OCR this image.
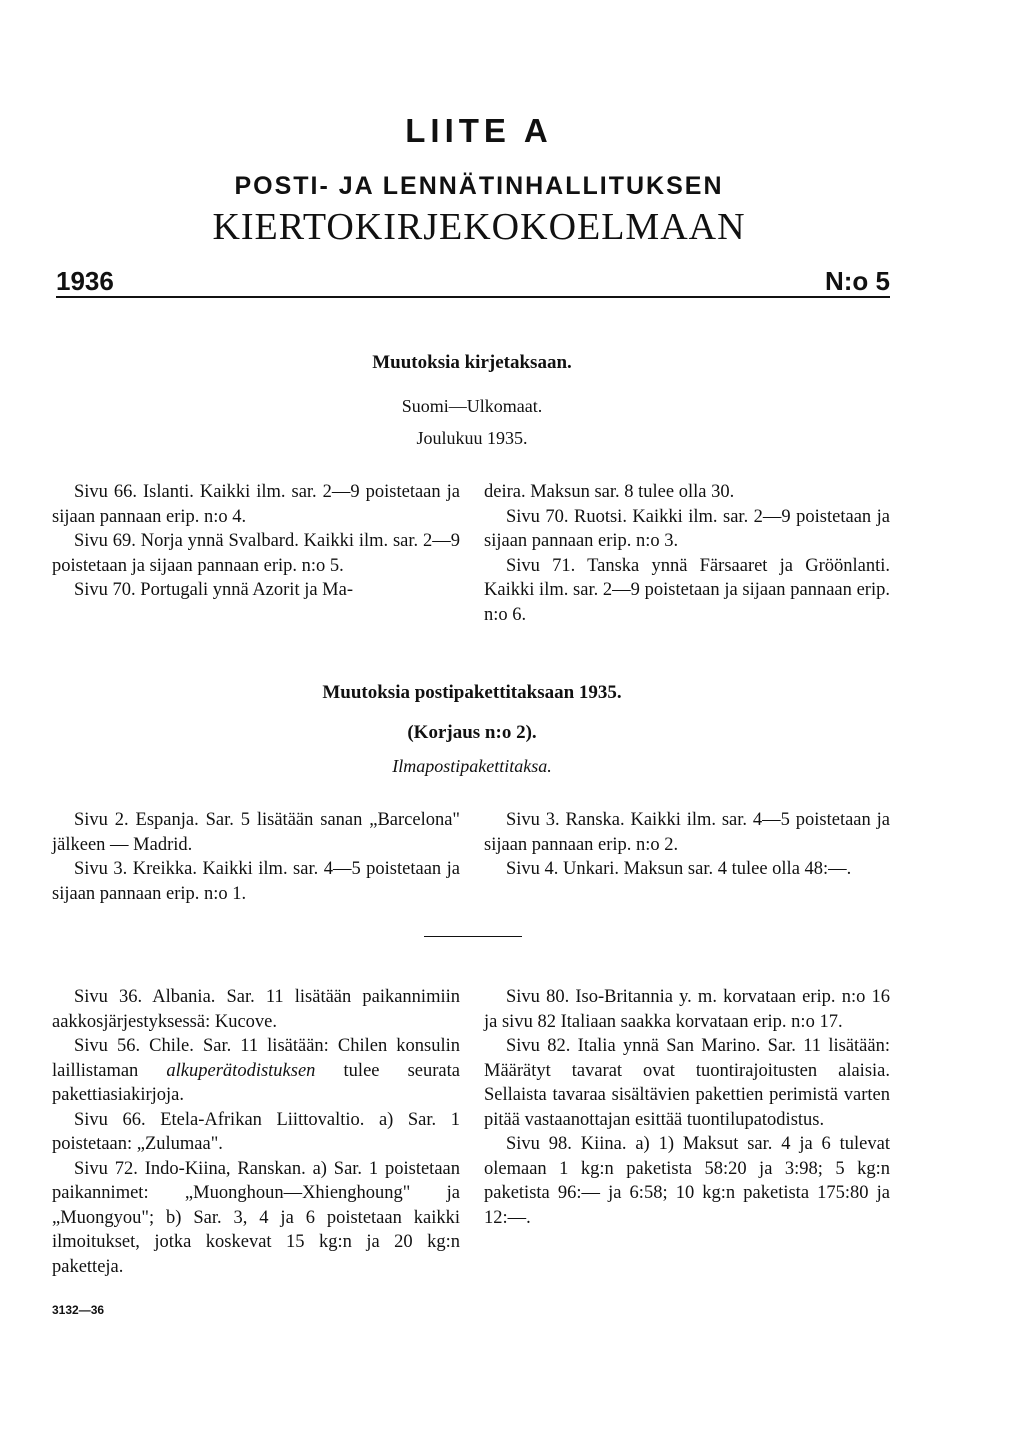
LIITE A
POSTI- JA LENNÄTINHALLITUKSEN
KIERTOKIRJEKOKOELMAAN
1936	N:o 5
Muutoksia kirjetaksaan.
Suomi—Ulkomaat.
Joulukuu 1935.

Sivu 66. Islanti. Kaikki ilm. sar. 2—9 poistetaan ja sijaan pannaan erip. n:o 4.

Sivu 69. Norja ynnä Svalbard. Kaikki ilm. sar. 2—9 poistetaan ja sijaan pannaan erip. n:o 5.

Sivu 70. Portugali ynnä Azorit ja Ma-

deira. Maksun sar. 8 tulee olla 30.

Sivu 70. Ruotsi. Kaikki ilm. sar. 2—9 poistetaan ja sijaan pannaan erip. n:o 3.

Sivu 71. Tanska ynnä Färsaaret ja Gröönlanti. Kaikki ilm. sar. 2—9 poistetaan ja sijaan pannaan erip. n:o 6.

Muutoksia postipakettitaksaan 1935.
(Korjaus n:o 2).
Ilmapostipakettitaksa.

Sivu 2. Espanja. Sar. 5 lisätään sanan „Barcelona" jälkeen — Madrid.

Sivu 3. Kreikka. Kaikki ilm. sar. 4—5 poistetaan ja sijaan pannaan erip. n:o 1.

Sivu 3. Ranska. Kaikki ilm. sar. 4—5 poistetaan ja sijaan pannaan erip. n:o 2.

Sivu 4. Unkari. Maksun sar. 4 tulee olla 48:—.

Sivu 36. Albania. Sar. 11 lisätään paikannimiin aakkosjärjestyksessä: Kucove.

Sivu 56. Chile. Sar. 11 lisätään: Chilen konsulin laillistaman alkuperätodistuksen tulee seurata pakettiasiakirjoja.

Sivu 66. Etela-Afrikan Liittovaltio. a) Sar. 1 poistetaan: „Zulumaa".

Sivu 72. Indo-Kiina, Ranskan. a) Sar. 1 poistetaan paikannimet: „Muonghoun—Xhienghoung" ja „Muongyou"; b) Sar. 3, 4 ja 6 poistetaan kaikki ilmoitukset, jotka koskevat 15 kg:n ja 20 kg:n paketteja.

Sivu 80. Iso-Britannia y. m. korvataan erip. n:o 16 ja sivu 82 Italiaan saakka korvataan erip. n:o 17.

Sivu 82. Italia ynnä San Marino. Sar. 11 lisätään: Määrätyt tavarat ovat tuontirajoitusten alaisia. Sellaista tavaraa sisältävien pakettien perimistä varten pitää vastaanottajan esittää tuontilupatodistus.

Sivu 98. Kiina. a) 1) Maksut sar. 4 ja 6 tulevat olemaan 1 kg:n paketista 58:20 ja 3:98; 5 kg:n paketista 96:— ja 6:58; 10 kg:n paketista 175:80 ja 12:—.

3132—36
